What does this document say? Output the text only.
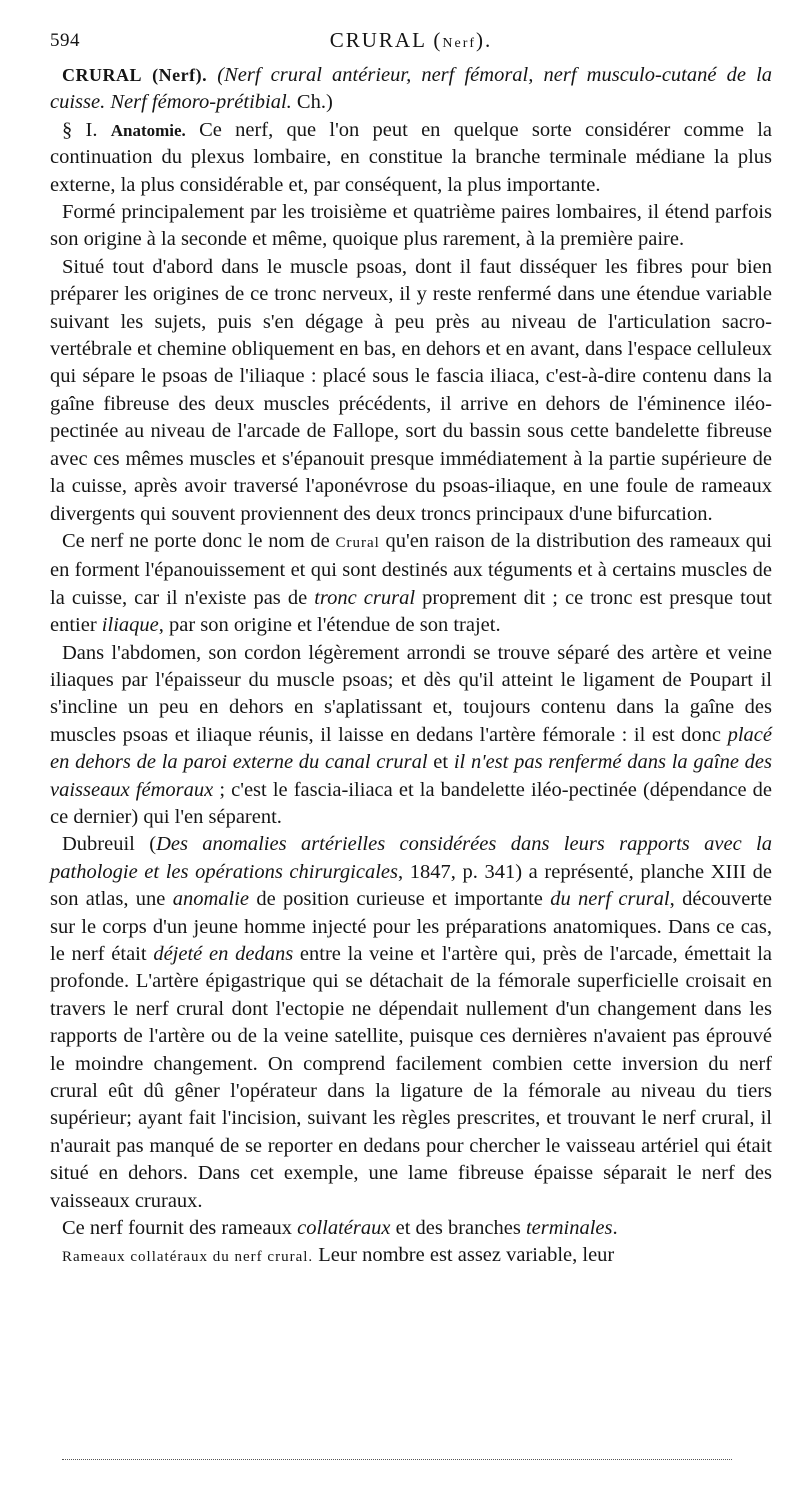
594	CRURAL (Nerf).

CRURAL (Nerf). (Nerf crural antérieur, nerf fémoral, nerf musculo-cutané de la cuisse. Nerf fémoro-prétibial. Ch.)

§ I. Anatomie. Ce nerf, que l'on peut en quelque sorte considérer comme la continuation du plexus lombaire, en constitue la branche terminale médiane la plus externe, la plus considérable et, par conséquent, la plus importante.

Formé principalement par les troisième et quatrième paires lombaires, il étend parfois son origine à la seconde et même, quoique plus rarement, à la première paire.

Situé tout d'abord dans le muscle psoas, dont il faut disséquer les fibres pour bien préparer les origines de ce tronc nerveux, il y reste renfermé dans une étendue variable suivant les sujets, puis s'en dégage à peu près au niveau de l'articulation sacro-vertébrale et chemine obliquement en bas, en dehors et en avant, dans l'espace celluleux qui sépare le psoas de l'iliaque : placé sous le fascia iliaca, c'est-à-dire contenu dans la gaîne fibreuse des deux muscles précédents, il arrive en dehors de l'éminence iléo-pectinée au niveau de l'arcade de Fallope, sort du bassin sous cette bandelette fibreuse avec ces mêmes muscles et s'épanouit presque immédiatement à la partie supérieure de la cuisse, après avoir traversé l'aponévrose du psoas-iliaque, en une foule de rameaux divergents qui souvent proviennent des deux troncs principaux d'une bifurcation.

Ce nerf ne porte donc le nom de Crural qu'en raison de la distribution des rameaux qui en forment l'épanouissement et qui sont destinés aux téguments et à certains muscles de la cuisse, car il n'existe pas de tronc crural proprement dit ; ce tronc est presque tout entier iliaque, par son origine et l'étendue de son trajet.

Dans l'abdomen, son cordon légèrement arrondi se trouve séparé des artère et veine iliaques par l'épaisseur du muscle psoas; et dès qu'il atteint le ligament de Poupart il s'incline un peu en dehors en s'aplatissant et, toujours contenu dans la gaîne des muscles psoas et iliaque réunis, il laisse en dedans l'artère fémorale : il est donc placé en dehors de la paroi externe du canal crural et il n'est pas renfermé dans la gaîne des vaisseaux fémoraux ; c'est le fascia-iliaca et la bandelette iléo-pectinée (dépendance de ce dernier) qui l'en séparent.

Dubreuil (Des anomalies artérielles considérées dans leurs rapports avec la pathologie et les opérations chirurgicales, 1847, p. 341) a représenté, planche XIII de son atlas, une anomalie de position curieuse et importante du nerf crural, découverte sur le corps d'un jeune homme injecté pour les préparations anatomiques. Dans ce cas, le nerf était déjeté en dedans entre la veine et l'artère qui, près de l'arcade, émettait la profonde. L'artère épigastrique qui se détachait de la fémorale superficielle croisait en travers le nerf crural dont l'ectopie ne dépendait nullement d'un changement dans les rapports de l'artère ou de la veine satellite, puisque ces dernières n'avaient pas éprouvé le moindre changement. On comprend facilement combien cette inversion du nerf crural eût dû gêner l'opérateur dans la ligature de la fémorale au niveau du tiers supérieur; ayant fait l'incision, suivant les règles prescrites, et trouvant le nerf crural, il n'aurait pas manqué de se reporter en dedans pour chercher le vaisseau artériel qui était situé en dehors. Dans cet exemple, une lame fibreuse épaisse séparait le nerf des vaisseaux cruraux.

Ce nerf fournit des rameaux collatéraux et des branches terminales.

Rameaux collatéraux du nerf crural. Leur nombre est assez variable, leur
